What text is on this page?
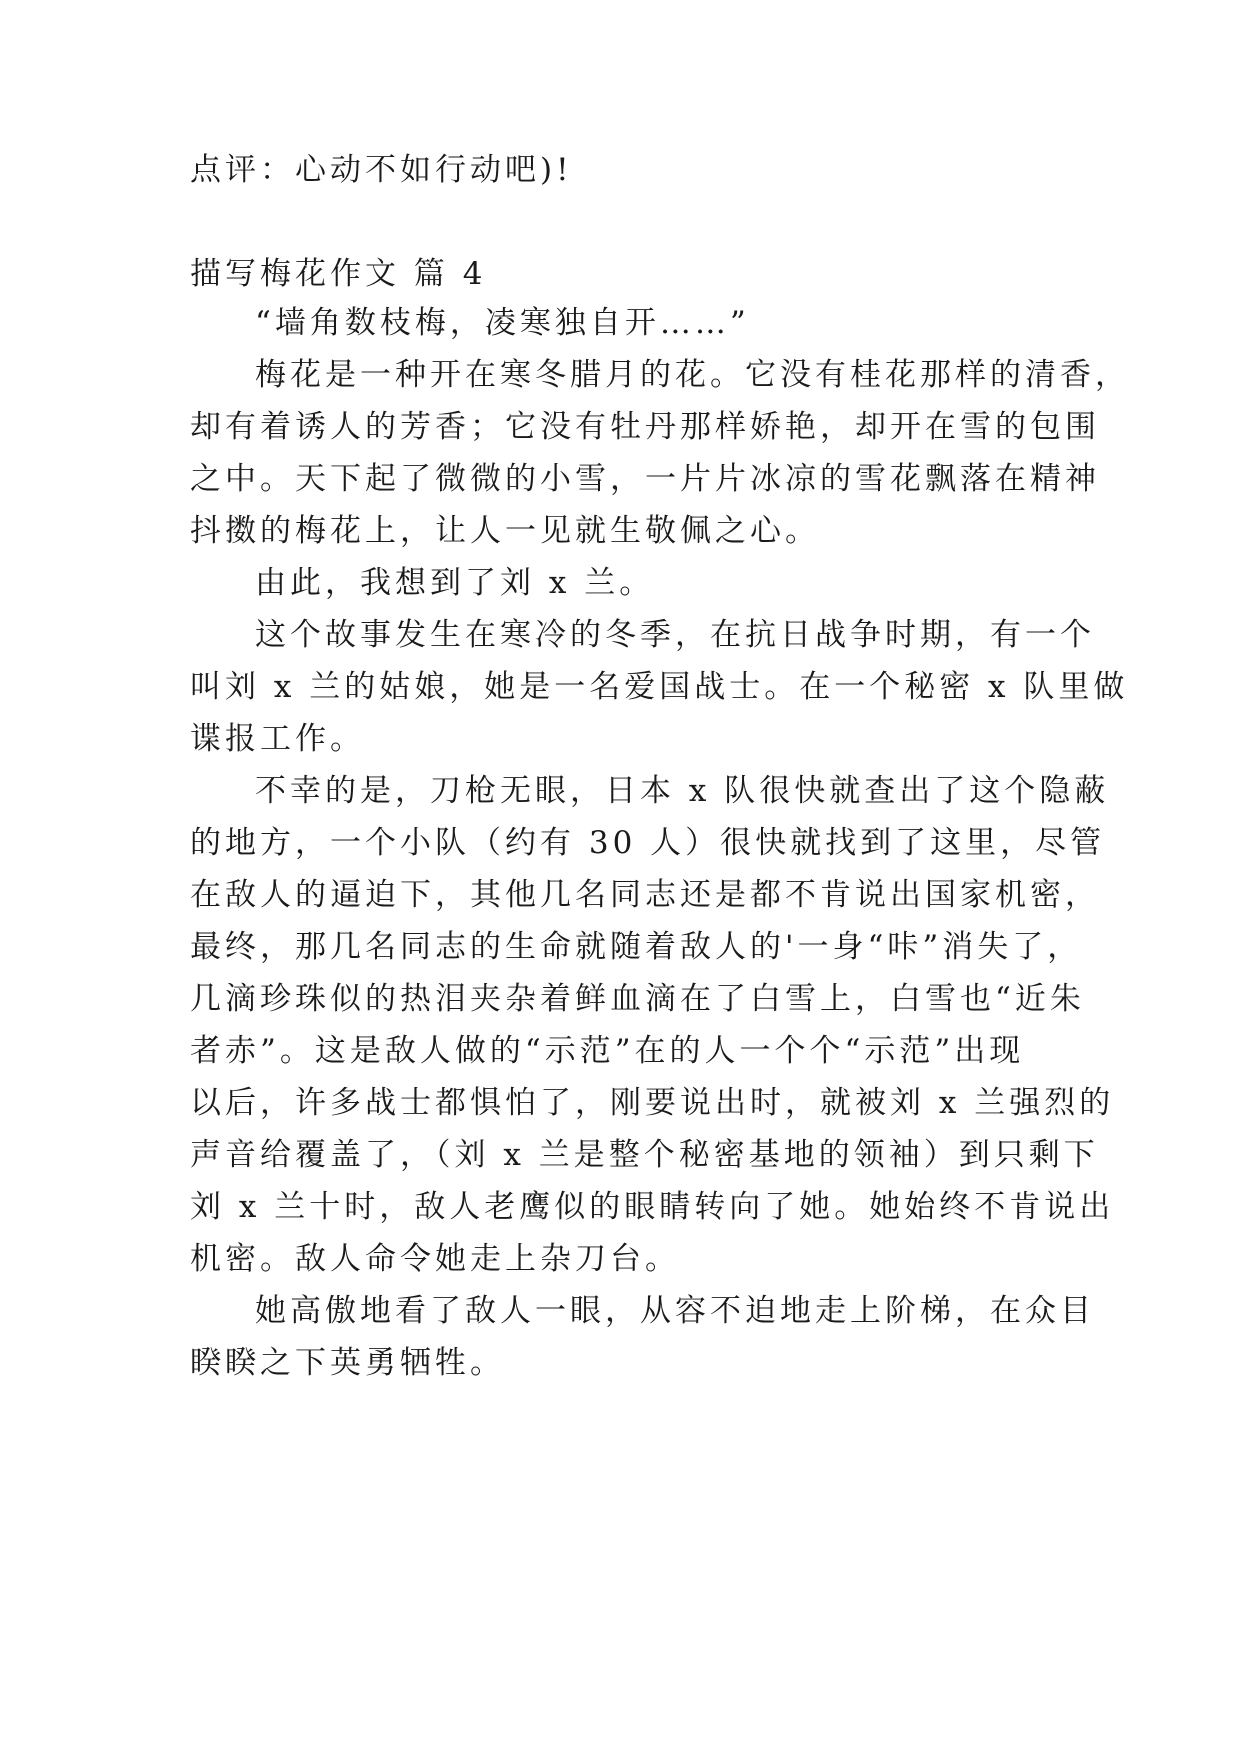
点评：心动不如行动吧)!

描写梅花作文 篇 4

“墙角数枝梅，凌寒独自开……”

梅花是一种开在寒冬腊月的花。它没有桂花那样的清香，

却有着诱人的芳香；它没有牡丹那样娇艳，却开在雪的包围

之中。天下起了微微的小雪，一片片冰凉的雪花飘落在精神

抖擞的梅花上，让人一见就生敬佩之心。

由此，我想到了刘 x 兰。

这个故事发生在寒冷的冬季，在抗日战争时期，有一个

叫刘 x 兰的姑娘，她是一名爱国战士。在一个秘密 x 队里做

谍报工作。

不幸的是，刀枪无眼，日本 x 队很快就查出了这个隐蔽

的地方，一个小队（约有 30 人）很快就找到了这里，尽管

在敌人的逼迫下，其他几名同志还是都不肯说出国家机密，

最终，那几名同志的生命就随着敌人的'一身“咔”消失了，

几滴珍珠似的热泪夹杂着鲜血滴在了白雪上，白雪也“近朱

者赤”。这是敌人做的“示范”在的人一个个“示范”出现

以后，许多战士都惧怕了，刚要说出时，就被刘 x 兰强烈的

声音给覆盖了，（刘 x 兰是整个秘密基地的领袖）到只剩下

刘 x 兰十时，敌人老鹰似的眼睛转向了她。她始终不肯说出

机密。敌人命令她走上杂刀台。

她高傲地看了敌人一眼，从容不迫地走上阶梯，在众目

睽睽之下英勇牺牲。
